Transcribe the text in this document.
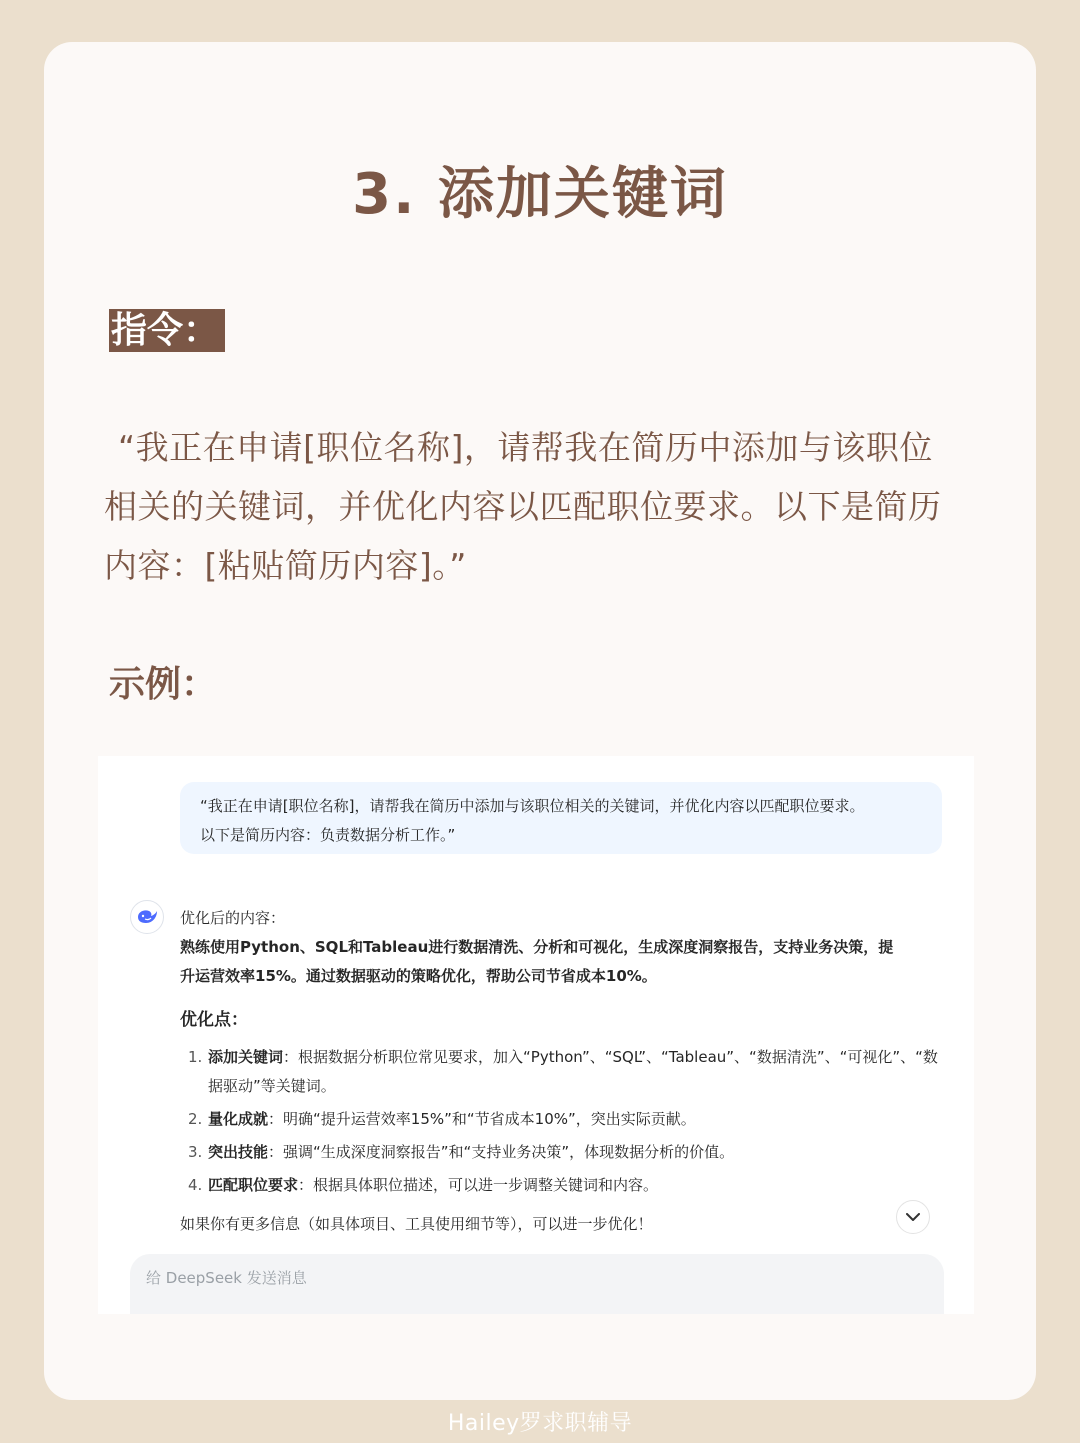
3. 添加关键词
指令：
“我正在申请[职位名称]，请帮我在简历中添加与该职位
相关的关键词，并优化内容以匹配职位要求。以下是简历
内容：[粘贴简历内容]。”
示例：
“我正在申请[职位名称]，请帮我在简历中添加与该职位相关的关键词，并优化内容以匹配职位要求。
以下是简历内容：负责数据分析工作。”
优化后的内容：
熟练使用Python、SQL和Tableau进行数据清洗、分析和可视化，生成深度洞察报告，支持业务决策，提
升运营效率15%。通过数据驱动的策略优化，帮助公司节省成本10%。
优化点：
1. 添加关键词：根据数据分析职位常见要求，加入“Python”、“SQL”、“Tableau”、“数据清洗”、“可视化”、“数据驱动”等关键词。
2. 量化成就：明确“提升运营效率15%”和“节省成本10%”，突出实际贡献。
3. 突出技能：强调“生成深度洞察报告”和“支持业务决策”，体现数据分析的价值。
4. 匹配职位要求：根据具体职位描述，可以进一步调整关键词和内容。
如果你有更多信息（如具体项目、工具使用细节等），可以进一步优化！
给 DeepSeek 发送消息
Hailey罗求职辅导
